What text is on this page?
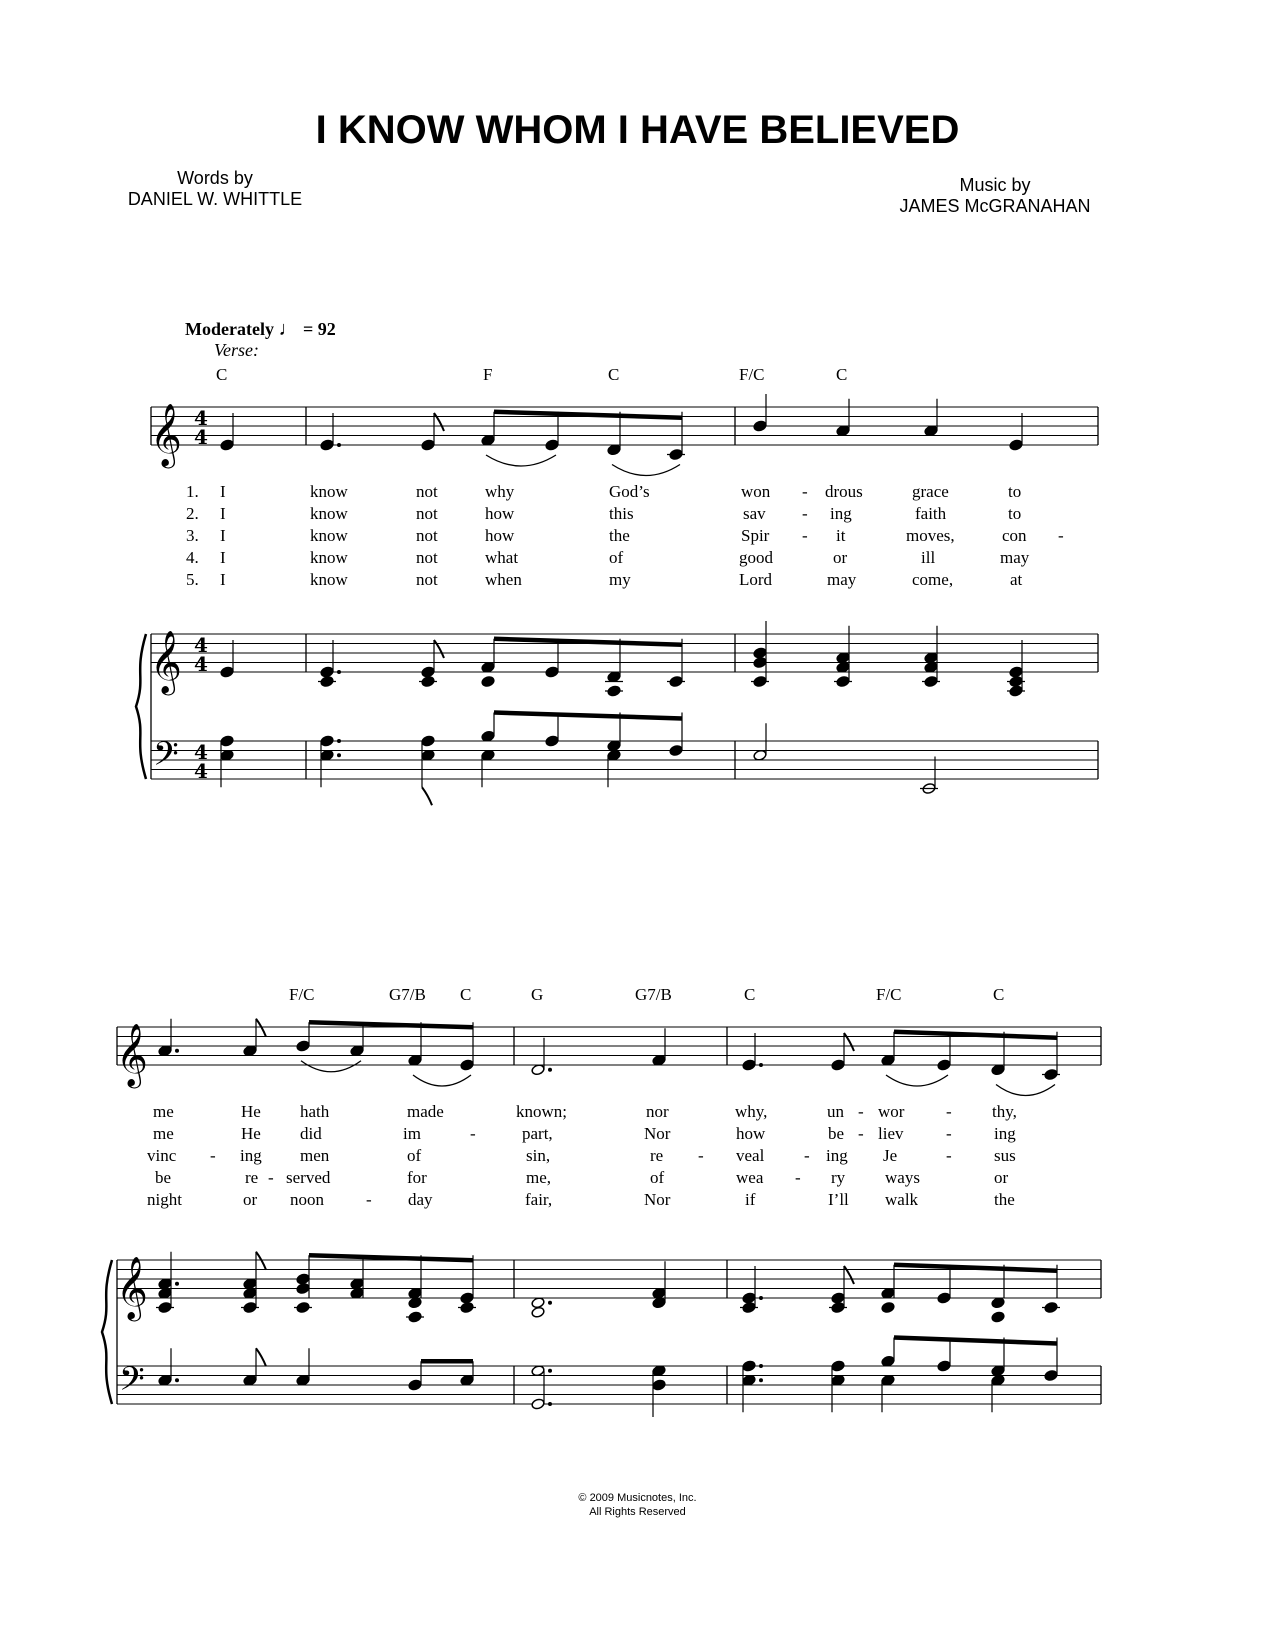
I KNOW WHOM I HAVE BELIEVED
Words by
DANIEL W. WHITTLE
Music by
JAMES McGRANAHAN
Moderately ♩ = 92
Verse:
C	F	C	F/C	C
F/C	G7/B C	G	G7/B	C	F/C	C
1.
2.
3.
4.
5.
I	know	not	why	God’s	won - drous	grace	to
I	know	not	how	this	sav - ing	faith	to
I	know	not	how	the	Spir - it	moves,	con -
I	know	not	what	of	good	or	ill	may
I	know	not	when	my	Lord	may	come,	at
me	He hath	made	known;	nor	why,	un - wor - thy,
me	He did	im	-	part,	Nor	how	be - liev	- ing
vinc - ing men	of	sin,	re - veal - ing Je	- sus
be	re - served	for	me,	of	wea - ry ways	or
night	or noon - day	fair,	Nor	if	I’ll walk	the
𝄞
𝄞
𝄢
4
4
4
4
4
4
𝄞
𝄞
𝄢
© 2009 Musicnotes, Inc.
All Rights Reserved
